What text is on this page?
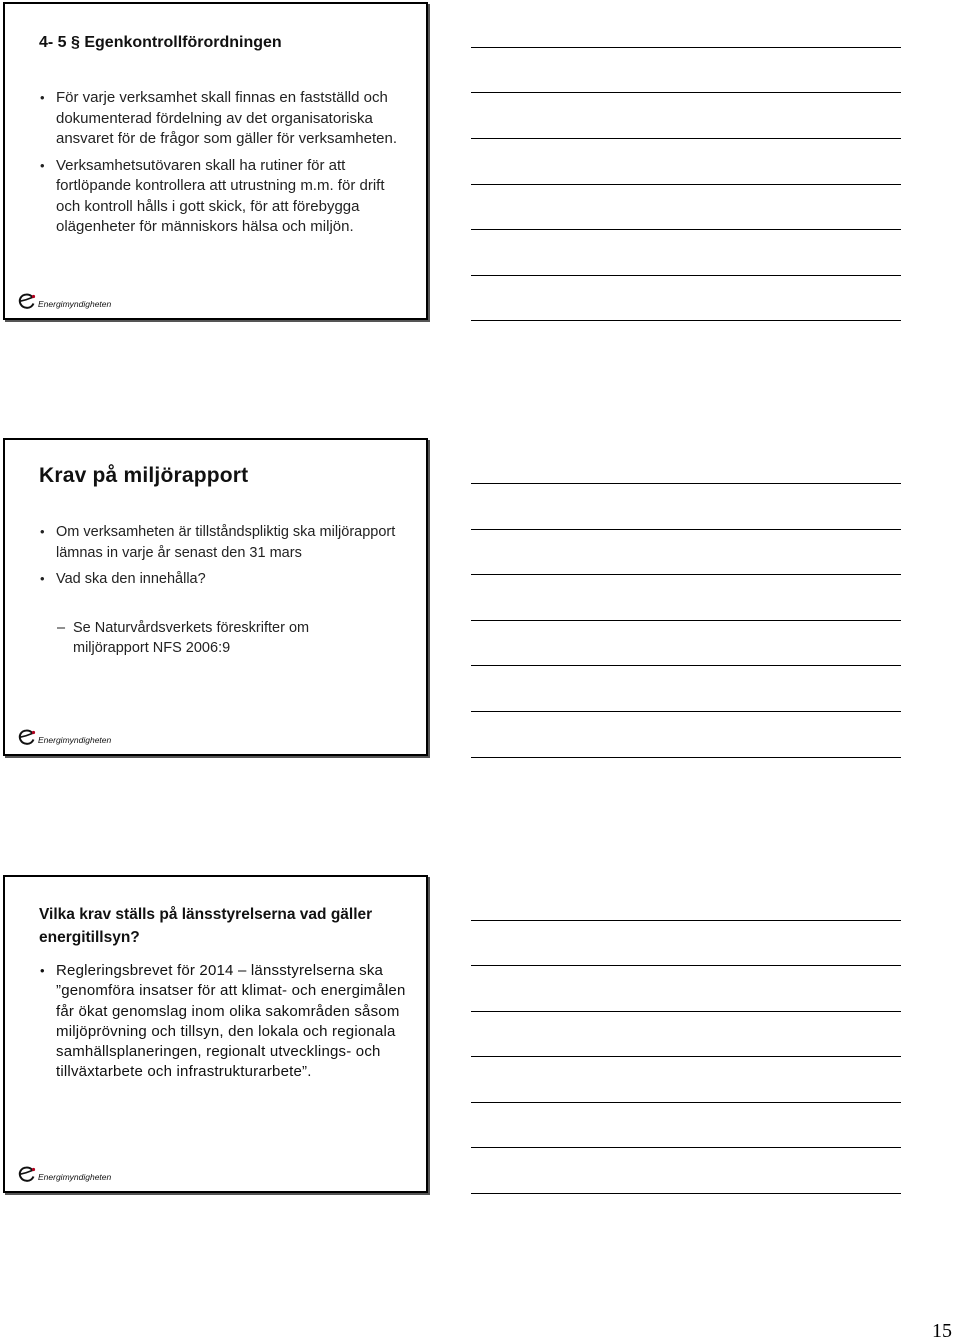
4- 5 § Egenkontrollförordningen
• För varje verksamhet skall finnas en fastställd och dokumenterad fördelning av det organisatoriska ansvaret för de frågor som gäller för verksamheten.
• Verksamhetsutövaren skall ha rutiner för att fortlöpande kontrollera att utrustning m.m. för drift och kontroll hålls i gott skick, för att förebygga olägenheter för människors hälsa och miljön.
Energimyndigheten
Krav på miljörapport
• Om verksamheten är tillståndspliktig ska miljörapport lämnas in varje år senast den 31 mars
• Vad ska den innehålla?
– Se Naturvårdsverkets föreskrifter om miljörapport NFS 2006:9
Energimyndigheten
Vilka krav ställs på länsstyrelserna vad gäller energitillsyn?
• Regleringsbrevet för 2014 – länsstyrelserna ska ”genomföra insatser för att klimat- och energimålen får ökat genomslag inom olika sakområden såsom miljöprövning och tillsyn, den lokala och regionala samhällsplaneringen, regionalt utvecklings- och tillväxtarbete och infrastrukturarbete”.
Energimyndigheten
15
